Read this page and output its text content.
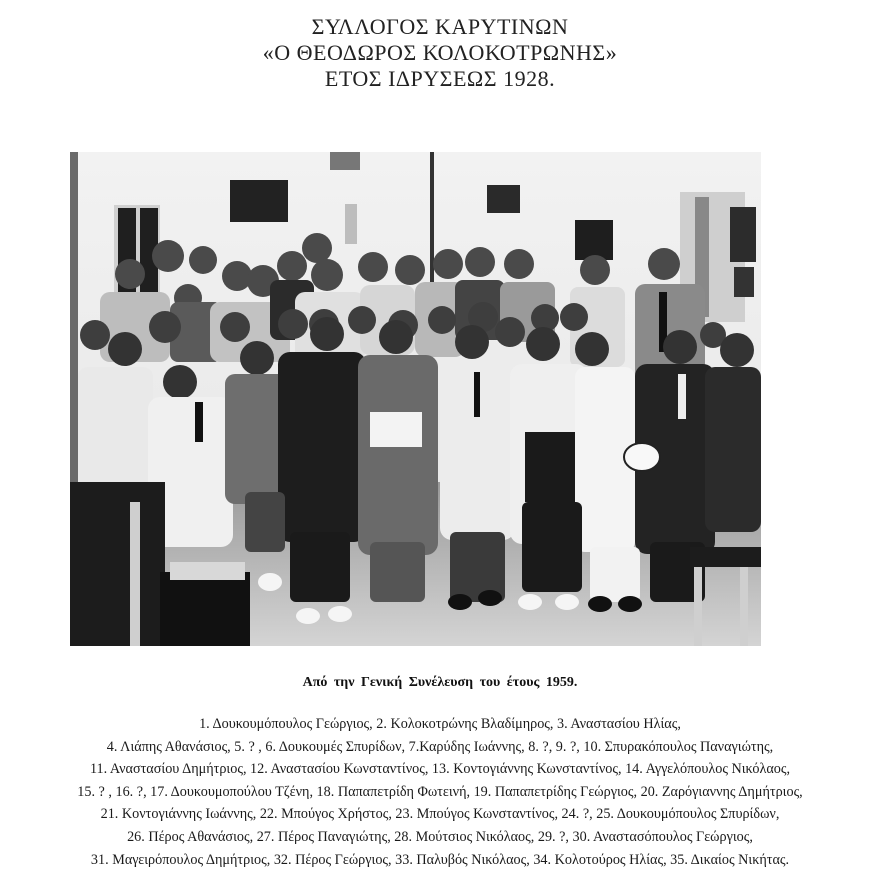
ΣΥΛΛΟΓΟΣ ΚΑΡΥΤΙΝΩΝ
«Ο ΘΕΟΔΩΡΟΣ ΚΟΛΟΚΟΤΡΩΝΗΣ»
ΕΤΟΣ ΙΔΡΥΣΕΩΣ 1928.
Από την Γενική Συνέλευση του έτους 1959.
1. Δουκουμόπουλος Γεώργιος, 2. Κολοκοτρώνης Βλαδίμηρος, 3. Αναστασίου Ηλίας,
4. Λιάπης Αθανάσιος, 5. ? , 6. Δουκουμές Σπυρίδων, 7.Καρύδης Ιωάννης, 8. ?, 9. ?, 10. Σπυρακόπουλος Παναγιώτης,
11. Αναστασίου Δημήτριος, 12. Αναστασίου Κωνσταντίνος, 13. Κοντογιάννης Κωνσταντίνος, 14. Αγγελόπουλος Νικόλαος,
15. ? , 16. ?, 17. Δουκουμοπούλου Τζένη, 18. Παπαπετρίδη Φωτεινή, 19. Παπαπετρίδης Γεώργιος, 20. Ζαρόγιαννης Δημήτριος,
21. Κοντογιάννης Ιωάννης, 22. Μπούγος Χρήστος, 23. Μπούγος Κωνσταντίνος, 24. ?, 25. Δουκουμόπουλος Σπυρίδων,
26. Πέρος Αθανάσιος, 27. Πέρος Παναγιώτης, 28. Μούτσιος Νικόλαος, 29. ?, 30. Αναστασόπουλος Γεώργιος,
31. Μαγειρόπουλος Δημήτριος, 32. Πέρος Γεώργιος, 33. Παλυβός Νικόλαος, 34. Κολοτούρος Ηλίας, 35. Δικαίος Νικήτας.
